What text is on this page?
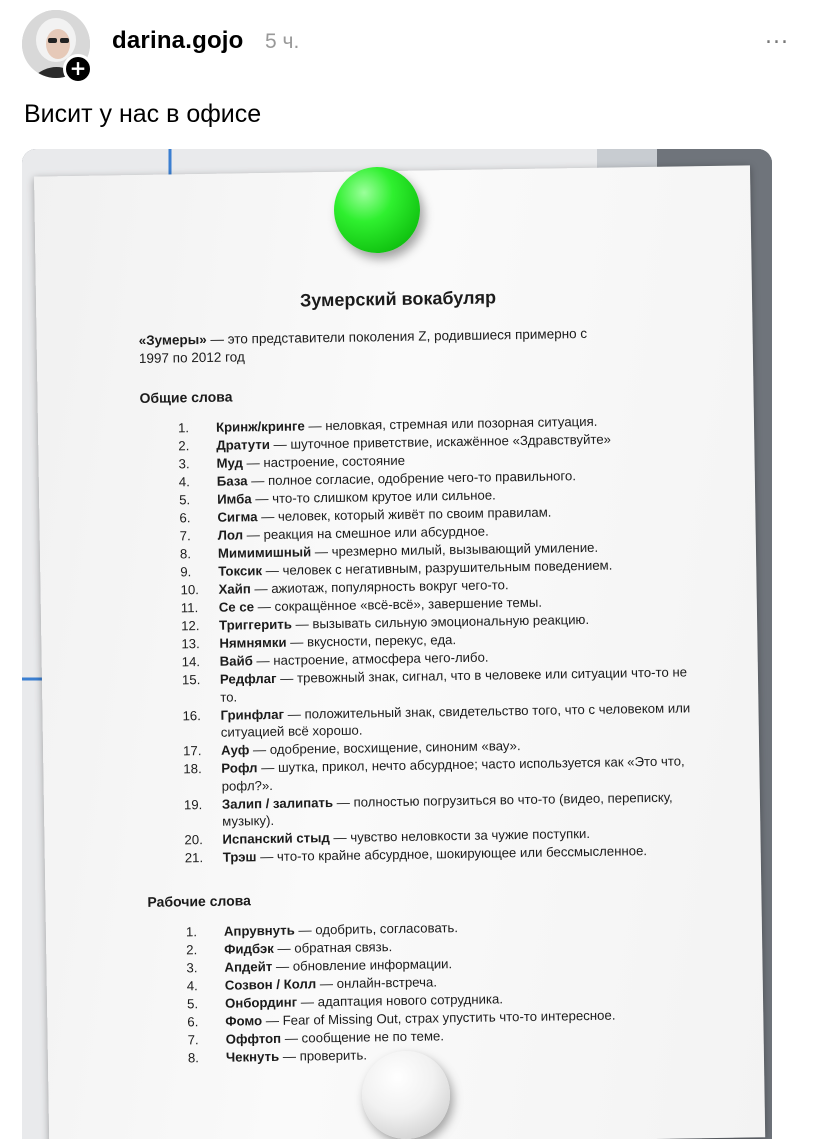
+
darina.gojo 5 ч.	...
Висит у нас в офисе
Зумерский вокабуляр
«Зумеры» — это представители поколения Z, родившиеся примерно с 1997 по 2012 год
Общие слова
1.	Кринж/кринге — неловкая, стремная или позорная ситуация.
2.	Дратути — шуточное приветствие, искажённое «Здравствуйте»
3.	Муд — настроение, состояние
4.	База — полное согласие, одобрение чего-то правильного.
5.	Имба — что-то слишком крутое или сильное.
6.	Сигма — человек, который живёт по своим правилам.
7.	Лол — реакция на смешное или абсурдное.
8.	Мимимишный — чрезмерно милый, вызывающий умиление.
9.	Токсик — человек с негативным, разрушительным поведением.
10.	Хайп — ажиотаж, популярность вокруг чего-то.
11.	Се се — сокращённое «всё-всё», завершение темы.
12.	Триггерить — вызывать сильную эмоциональную реакцию.
13.	Нямнямки — вкусности, перекус, еда.
14.	Вайб — настроение, атмосфера чего-либо.
15.	Редфлаг — тревожный знак, сигнал, что в человеке или ситуации что-то не то.
16.	Гринфлаг — положительный знак, свидетельство того, что с человеком или ситуацией всё хорошо.
17.	Ауф — одобрение, восхищение, синоним «вау».
18.	Рофл — шутка, прикол, нечто абсурдное; часто используется как «Это что, рофл?».
19.	Залип / залипать — полностью погрузиться во что-то (видео, переписку, музыку).
20.	Испанский стыд — чувство неловкости за чужие поступки.
21.	Трэш — что-то крайне абсурдное, шокирующее или бессмысленное.
Рабочие слова
1.	Апрувнуть — одобрить, согласовать.
2.	Фидбэк — обратная связь.
3.	Апдейт — обновление информации.
4.	Созвон / Колл — онлайн-встреча.
5.	Онбординг — адаптация нового сотрудника.
6.	Фомо — Fear of Missing Out, страх упустить что-то интересное.
7.	Оффтоп — сообщение не по теме.
8.	Чекнуть — проверить.
